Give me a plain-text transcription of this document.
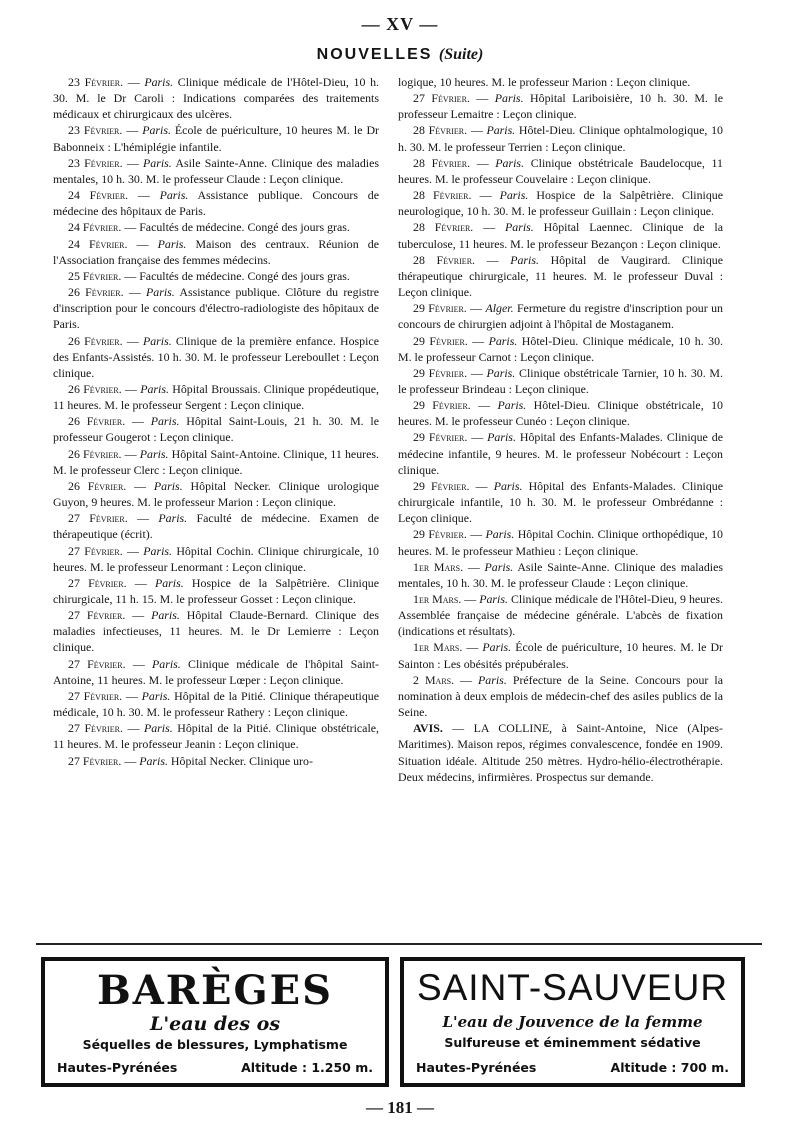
— XV —
NOUVELLES (Suite)

23 Février. — Paris. Clinique médicale de l'Hôtel-Dieu, 10 h. 30. M. le Dr Caroli : Indications comparées des traitements médicaux et chirurgicaux des ulcères.

23 Février. — Paris. École de puériculture, 10 heures M. le Dr Babonneix : L'hémiplégie infantile.

23 Février. — Paris. Asile Sainte-Anne. Clinique des maladies mentales, 10 h. 30. M. le professeur Claude : Leçon clinique.

24 Février. — Paris. Assistance publique. Concours de médecine des hôpitaux de Paris.

24 Février. — Facultés de médecine. Congé des jours gras.

24 Février. — Paris. Maison des centraux. Réunion de l'Association française des femmes médecins.

25 Février. — Facultés de médecine. Congé des jours gras.

26 Février. — Paris. Assistance publique. Clôture du registre d'inscription pour le concours d'électro-radiologiste des hôpitaux de Paris.

26 Février. — Paris. Clinique de la première enfance. Hospice des Enfants-Assistés. 10 h. 30. M. le professeur Lereboullet : Leçon clinique.

26 Février. — Paris. Hôpital Broussais. Clinique propédeutique, 11 heures. M. le professeur Sergent : Leçon clinique.

26 Février. — Paris. Hôpital Saint-Louis, 21 h. 30. M. le professeur Gougerot : Leçon clinique.

26 Février. — Paris. Hôpital Saint-Antoine. Clinique, 11 heures. M. le professeur Clerc : Leçon clinique.

26 Février. — Paris. Hôpital Necker. Clinique urologique Guyon, 9 heures. M. le professeur Marion : Leçon clinique.

27 Février. — Paris. Faculté de médecine. Examen de thérapeutique (écrit).

27 Février. — Paris. Hôpital Cochin. Clinique chirurgicale, 10 heures. M. le professeur Lenormant : Leçon clinique.

27 Février. — Paris. Hospice de la Salpêtrière. Clinique chirurgicale, 11 h. 15. M. le professeur Gosset : Leçon clinique.

27 Février. — Paris. Hôpital Claude-Bernard. Clinique des maladies infectieuses, 11 heures. M. le Dr Lemierre : Leçon clinique.

27 Février. — Paris. Clinique médicale de l'hôpital Saint-Antoine, 11 heures. M. le professeur Lœper : Leçon clinique.

27 Février. — Paris. Hôpital de la Pitié. Clinique thérapeutique médicale, 10 h. 30. M. le professeur Rathery : Leçon clinique.

27 Février. — Paris. Hôpital de la Pitié. Clinique obstétricale, 11 heures. M. le professeur Jeanin : Leçon clinique.

27 Février. — Paris. Hôpital Necker. Clinique uro-

logique, 10 heures. M. le professeur Marion : Leçon clinique.

27 Février. — Paris. Hôpital Lariboisière, 10 h. 30. M. le professeur Lemaitre : Leçon clinique.

28 Février. — Paris. Hôtel-Dieu. Clinique ophtalmologique, 10 h. 30. M. le professeur Terrien : Leçon clinique.

28 Février. — Paris. Clinique obstétricale Baudelocque, 11 heures. M. le professeur Couvelaire : Leçon clinique.

28 Février. — Paris. Hospice de la Salpêtrière. Clinique neurologique, 10 h. 30. M. le professeur Guillain : Leçon clinique.

28 Février. — Paris. Hôpital Laennec. Clinique de la tuberculose, 11 heures. M. le professeur Bezançon : Leçon clinique.

28 Février. — Paris. Hôpital de Vaugirard. Clinique thérapeutique chirurgicale, 11 heures. M. le professeur Duval : Leçon clinique.

29 Février. — Alger. Fermeture du registre d'inscription pour un concours de chirurgien adjoint à l'hôpital de Mostaganem.

29 Février. — Paris. Hôtel-Dieu. Clinique médicale, 10 h. 30. M. le professeur Carnot : Leçon clinique.

29 Février. — Paris. Clinique obstétricale Tarnier, 10 h. 30. M. le professeur Brindeau : Leçon clinique.

29 Février. — Paris. Hôtel-Dieu. Clinique obstétricale, 10 heures. M. le professeur Cunéo : Leçon clinique.

29 Février. — Paris. Hôpital des Enfants-Malades. Clinique de médecine infantile, 9 heures. M. le professeur Nobécourt : Leçon clinique.

29 Février. — Paris. Hôpital des Enfants-Malades. Clinique chirurgicale infantile, 10 h. 30. M. le professeur Ombrédanne : Leçon clinique.

29 Février. — Paris. Hôpital Cochin. Clinique orthopédique, 10 heures. M. le professeur Mathieu : Leçon clinique.

1er Mars. — Paris. Asile Sainte-Anne. Clinique des maladies mentales, 10 h. 30. M. le professeur Claude : Leçon clinique.

1er Mars. — Paris. Clinique médicale de l'Hôtel-Dieu, 9 heures. Assemblée française de médecine générale. L'abcès de fixation (indications et résultats).

1er Mars. — Paris. École de puériculture, 10 heures. M. le Dr Sainton : Les obésités prépubérales.

2 Mars. — Paris. Préfecture de la Seine. Concours pour la nomination à deux emplois de médecin-chef des asiles publics de la Seine.

AVIS. — LA COLLINE, à Saint-Antoine, Nice (Alpes-Maritimes). Maison repos, régimes convalescence, fondée en 1909. Situation idéale. Altitude 250 mètres. Hydro-hélio-électrothérapie. Deux médecins, infirmières. Prospectus sur demande.

BARÈGES
L'eau des os
Séquelles de blessures, Lymphatisme
Hautes-Pyrénées	Altitude : 1.250 m.
SAINT-SAUVEUR
L'eau de Jouvence de la femme
Sulfureuse et éminemment sédative
Hautes-Pyrénées	Altitude : 700 m.
— 181 —
